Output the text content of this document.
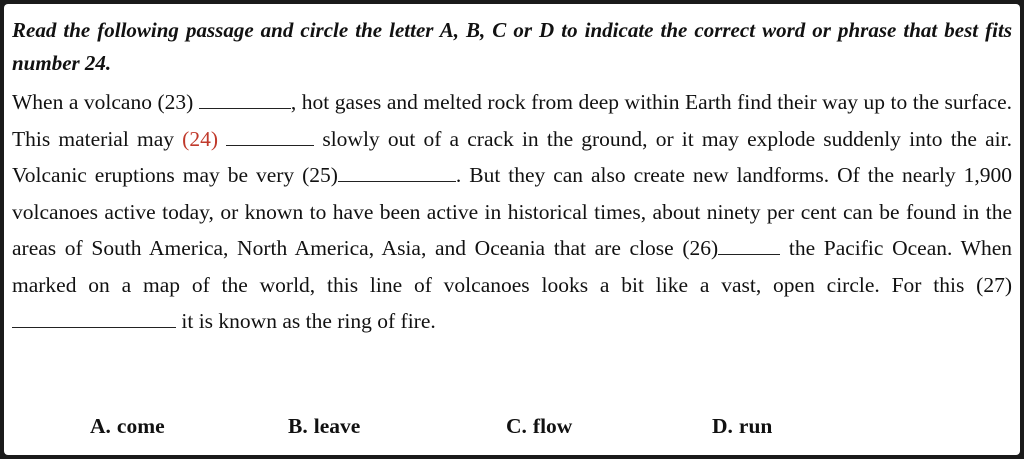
Read the following passage and circle the letter A, B, C or D to indicate the correct word or phrase that best fits number 24.

When a volcano (23)	, hot gases and melted rock from deep within Earth find their way up to the surface. This material may (24)	slowly out of a crack in the ground, or it may explode suddenly into the air. Volcanic eruptions may be very (25)	. But they can also create new landforms. Of the nearly 1,900 volcanoes active today, or known to have been active in historical times, about ninety per cent can be found in the areas of South America, North America, Asia, and Oceania that are close (26)	the Pacific Ocean. When marked on a map of the world, this line of volcanoes looks a bit like a vast, open circle. For this (27) it is known as the ring of fire.

A. come	B. leave	C. flow	D. run
